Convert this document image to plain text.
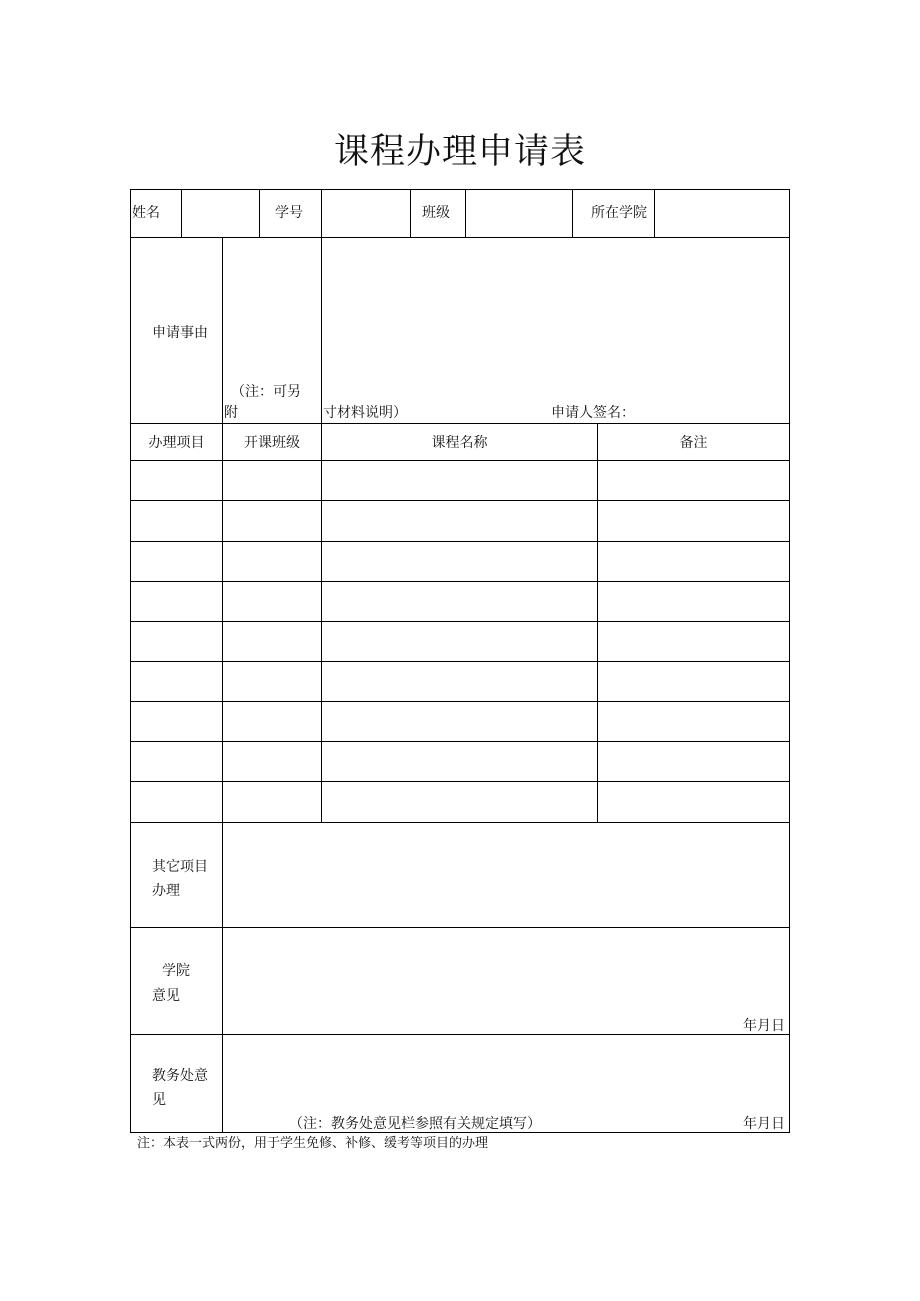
课程办理申请表
姓名	学号	班级	所在学院
申请事由
（注：可另
附	寸材料说明）	申请人签名：
办理项目	开课班级	课程名称	备注
其它项目
办理
学院
意见
年月日
教务处意
见
（注：教务处意见栏参照有关规定填写）	年月日
注：本表一式两份，用于学生免修、补修、缓考等项目的办理
